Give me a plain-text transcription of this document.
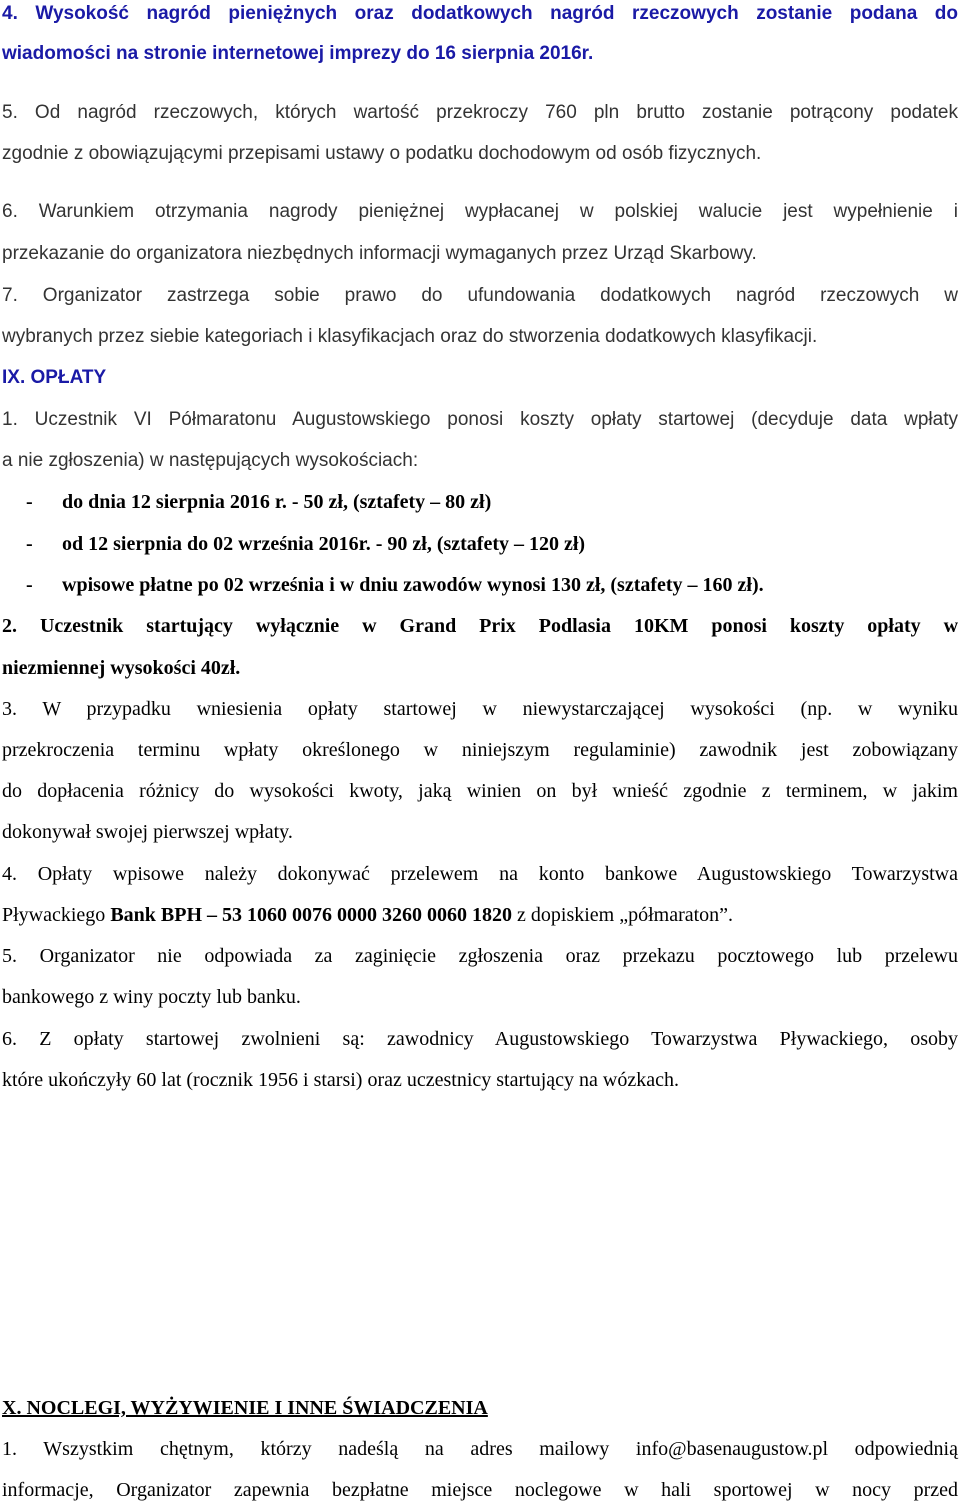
4. Wysokość nagród pieniężnych oraz dodatkowych nagród rzeczowych zostanie podana do
wiadomości na stronie internetowej imprezy do 16 sierpnia 2016r.
5. Od nagród rzeczowych, których wartość przekroczy 760 pln brutto zostanie potrącony podatek
zgodnie z obowiązującymi przepisami ustawy o podatku dochodowym od osób fizycznych.
6. Warunkiem otrzymania nagrody pieniężnej wypłacanej w polskiej walucie jest wypełnienie i
przekazanie do organizatora niezbędnych informacji wymaganych przez Urząd Skarbowy.
7. Organizator zastrzega sobie prawo do ufundowania dodatkowych nagród rzeczowych w
wybranych przez siebie kategoriach i klasyfikacjach oraz do stworzenia dodatkowych klasyfikacji.
IX. OPŁATY
1. Uczestnik VI Półmaratonu Augustowskiego ponosi koszty opłaty startowej (decyduje data wpłaty
a nie zgłoszenia) w następujących wysokościach:
- do dnia 12 sierpnia 2016 r. - 50 zł, (sztafety – 80 zł)
- od 12 sierpnia do 02 września 2016r. - 90 zł, (sztafety – 120 zł)
- wpisowe płatne po 02 września i w dniu zawodów wynosi 130 zł, (sztafety – 160 zł).
2. Uczestnik startujący wyłącznie w Grand Prix Podlasia 10KM ponosi koszty opłaty w
niezmiennej wysokości 40zł.
3. W przypadku wniesienia opłaty startowej w niewystarczającej wysokości (np. w wyniku
przekroczenia terminu wpłaty określonego w niniejszym regulaminie) zawodnik jest zobowiązany
do dopłacenia różnicy do wysokości kwoty, jaką winien on był wnieść zgodnie z terminem, w jakim
dokonywał swojej pierwszej wpłaty.
4. Opłaty wpisowe należy dokonywać przelewem na konto bankowe Augustowskiego Towarzystwa
Pływackiego Bank BPH – 53 1060 0076 0000 3260 0060 1820 z dopiskiem „półmaraton”.
5. Organizator nie odpowiada za zaginięcie zgłoszenia oraz przekazu pocztowego lub przelewu
bankowego z winy poczty lub banku.
6. Z opłaty startowej zwolnieni są: zawodnicy Augustowskiego Towarzystwa Pływackiego, osoby
które ukończyły 60 lat (rocznik 1956 i starsi) oraz uczestnicy startujący na wózkach.
X. NOCLEGI, WYŻYWIENIE I INNE ŚWIADCZENIA
1. Wszystkim chętnym, którzy nadeślą na adres mailowy info@basenaugustow.pl odpowiednią
informacje, Organizator zapewnia bezpłatne miejsce noclegowe w hali sportowej w nocy przed
